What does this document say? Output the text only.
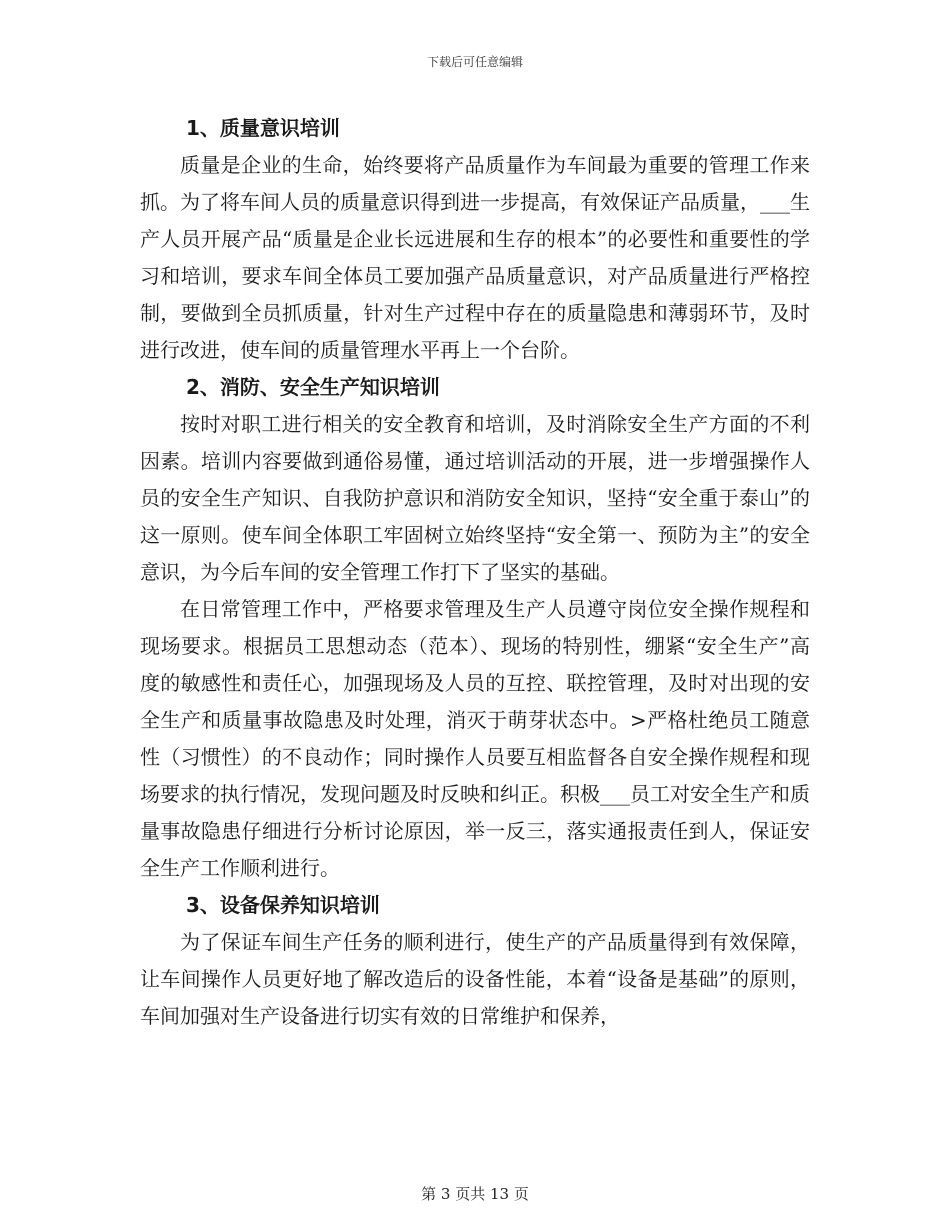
下载后可任意编辑
1、质量意识培训

质量是企业的生命，始终要将产品质量作为车间最为重要的管理工作来抓。为了将车间人员的质量意识得到进一步提高，有效保证产品质量，___生产人员开展产品“质量是企业长远进展和生存的根本”的必要性和重要性的学习和培训，要求车间全体员工要加强产品质量意识，对产品质量进行严格控制，要做到全员抓质量，针对生产过程中存在的质量隐患和薄弱环节，及时进行改进，使车间的质量管理水平再上一个台阶。

2、消防、安全生产知识培训

按时对职工进行相关的安全教育和培训，及时消除安全生产方面的不利因素。培训内容要做到通俗易懂，通过培训活动的开展，进一步增强操作人员的安全生产知识、自我防护意识和消防安全知识，坚持“安全重于泰山”的这一原则。使车间全体职工牢固树立始终坚持“安全第一、预防为主”的安全意识，为今后车间的安全管理工作打下了坚实的基础。

在日常管理工作中，严格要求管理及生产人员遵守岗位安全操作规程和现场要求。根据员工思想动态（范本）、现场的特别性，绷紧“安全生产”高度的敏感性和责任心，加强现场及人员的互控、联控管理，及时对出现的安全生产和质量事故隐患及时处理，消灭于萌芽状态中。>严格杜绝员工随意性（习惯性）的不良动作；同时操作人员要互相监督各自安全操作规程和现场要求的执行情况，发现问题及时反映和纠正。积极___员工对安全生产和质量事故隐患仔细进行分析讨论原因，举一反三，落实通报责任到人，保证安全生产工作顺利进行。

3、设备保养知识培训

为了保证车间生产任务的顺利进行，使生产的产品质量得到有效保障，让车间操作人员更好地了解改造后的设备性能，本着“设备是基础”的原则，车间加强对生产设备进行切实有效的日常维护和保养，

第 3 页共 13 页
